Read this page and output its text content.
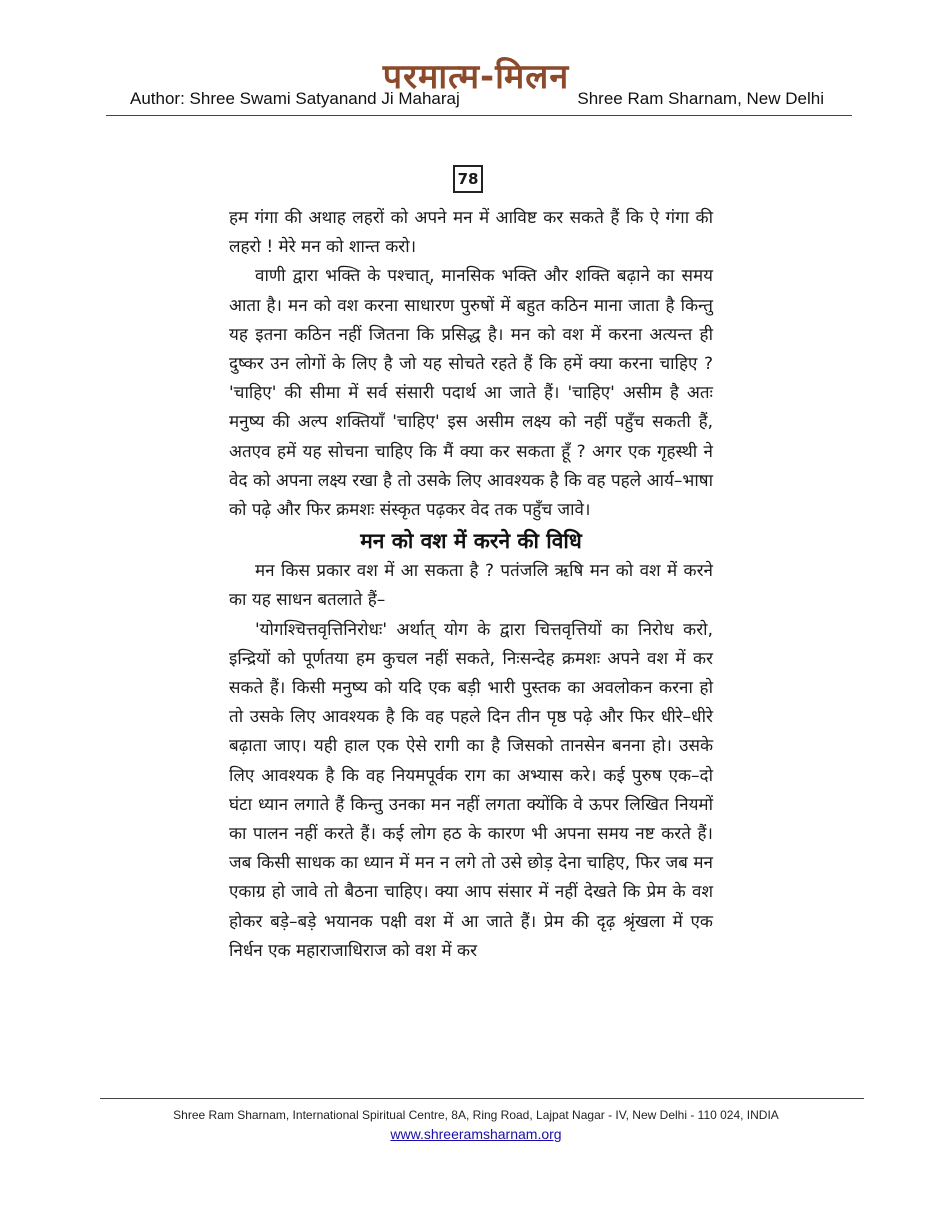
परमात्म-मिलन
Author: Shree Swami Satyanand Ji Maharaj	Shree Ram Sharnam, New Delhi
78

हम गंगा की अथाह लहरों को अपने मन में आविष्ट कर सकते हैं कि ऐ गंगा की लहरो ! मेरे मन को शान्त करो।

वाणी द्वारा भक्ति के पश्चात्, मानसिक भक्ति और शक्ति बढ़ाने का समय आता है। मन को वश करना साधारण पुरुषों में बहुत कठिन माना जाता है किन्तु यह इतना कठिन नहीं जितना कि प्रसिद्ध है। मन को वश में करना अत्यन्त ही दुष्कर उन लोगों के लिए है जो यह सोचते रहते हैं कि हमें क्या करना चाहिए ? 'चाहिए' की सीमा में सर्व संसारी पदार्थ आ जाते हैं। 'चाहिए' असीम है अतः मनुष्य की अल्प शक्तियाँ 'चाहिए' इस असीम लक्ष्य को नहीं पहुँच सकती हैं, अतएव हमें यह सोचना चाहिए कि मैं क्या कर सकता हूँ ? अगर एक गृहस्थी ने वेद को अपना लक्ष्य रखा है तो उसके लिए आवश्यक है कि वह पहले आर्य–भाषा को पढ़े और फिर क्रमशः संस्कृत पढ़कर वेद तक पहुँच जावे।

मन को वश में करने की विधि

मन किस प्रकार वश में आ सकता है ? पतंजलि ऋषि मन को वश में करने का यह साधन बतलाते हैं–

'योगश्चित्तवृत्तिनिरोधः' अर्थात् योग के द्वारा चित्तवृत्तियों का निरोध करो, इन्द्रियों को पूर्णतया हम कुचल नहीं सकते, निःसन्देह क्रमशः अपने वश में कर सकते हैं। किसी मनुष्य को यदि एक बड़ी भारी पुस्तक का अवलोकन करना हो तो उसके लिए आवश्यक है कि वह पहले दिन तीन पृष्ठ पढ़े और फिर धीरे–धीरे बढ़ाता जाए। यही हाल एक ऐसे रागी का है जिसको तानसेन बनना हो। उसके लिए आवश्यक है कि वह नियमपूर्वक राग का अभ्यास करे। कई पुरुष एक–दो घंटा ध्यान लगाते हैं किन्तु उनका मन नहीं लगता क्योंकि वे ऊपर लिखित नियमों का पालन नहीं करते हैं। कई लोग हठ के कारण भी अपना समय नष्ट करते हैं। जब किसी साधक का ध्यान में मन न लगे तो उसे छोड़ देना चाहिए, फिर जब मन एकाग्र हो जावे तो बैठना चाहिए। क्या आप संसार में नहीं देखते कि प्रेम के वश होकर बड़े–बड़े भयानक पक्षी वश में आ जाते हैं। प्रेम की दृढ़ श्रृंखला में एक निर्धन एक महाराजाधिराज को वश में कर

Shree Ram Sharnam, International Spiritual Centre, 8A, Ring Road, Lajpat Nagar - IV, New Delhi - 110 024, INDIA
www.shreeramsharnam.org
